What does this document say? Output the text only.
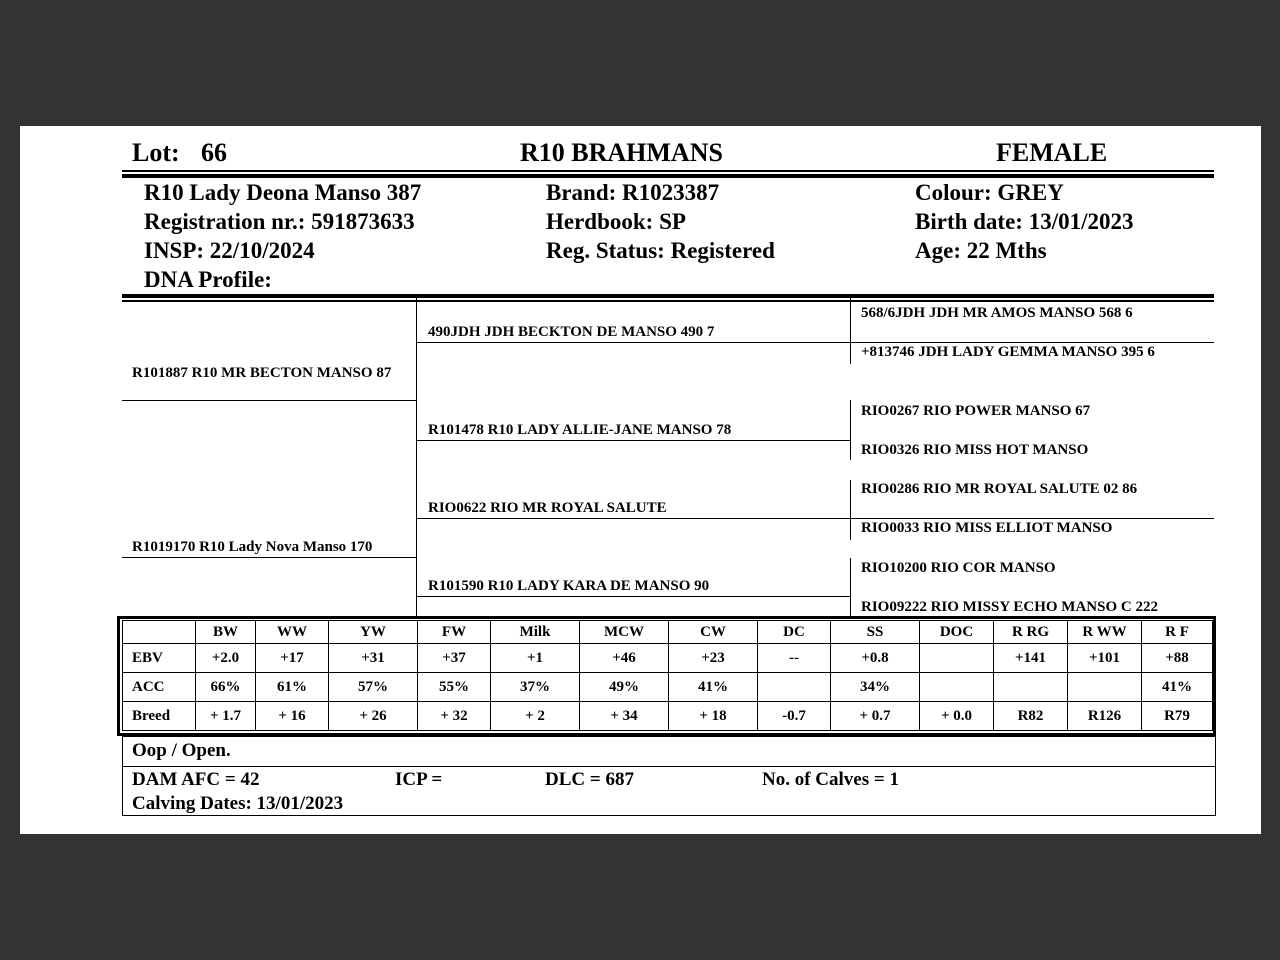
Lot: 66	R10 BRAHMANS	FEMALE
R10 Lady Deona Manso 387
Registration nr.: 591873633
INSP: 22/10/2024
DNA Profile:
Brand: R1023387
Herdbook: SP
Reg. Status: Registered
Colour: GREY
Birth date: 13/01/2023
Age: 22 Mths
R101887 R10 MR BECTON MANSO 87
R1019170 R10 Lady Nova Manso 170
490JDH JDH BECKTON DE MANSO 490 7
R101478 R10 LADY ALLIE-JANE MANSO 78
RIO0622 RIO MR ROYAL SALUTE
R101590 R10 LADY KARA DE MANSO 90
568/6JDH JDH MR AMOS MANSO 568 6
+813746 JDH LADY GEMMA MANSO 395 6
RIO0267 RIO POWER MANSO 67
RIO0326 RIO MISS HOT MANSO
RIO0286 RIO MR ROYAL SALUTE 02 86
RIO0033 RIO MISS ELLIOT MANSO
RIO10200 RIO COR MANSO
RIO09222 RIO MISSY ECHO MANSO C 222
	BW	WW	YW	FW	Milk	MCW	CW	DC	SS	DOC	R RG	R WW	R F
EBV	+2.0	+17	+31	+37	+1	+46	+23	--	+0.8		+141	+101	+88
ACC	66%	61%	57%	55%	37%	49%	41%		34%				41%
Breed	+ 1.7	+ 16	+ 26	+ 32	+ 2	+ 34	+ 18	-0.7	+ 0.7	+ 0.0	R82	R126	R79
Oop / Open.
DAM AFC = 42	ICP =	DLC = 687	No. of Calves = 1
Calving Dates: 13/01/2023
